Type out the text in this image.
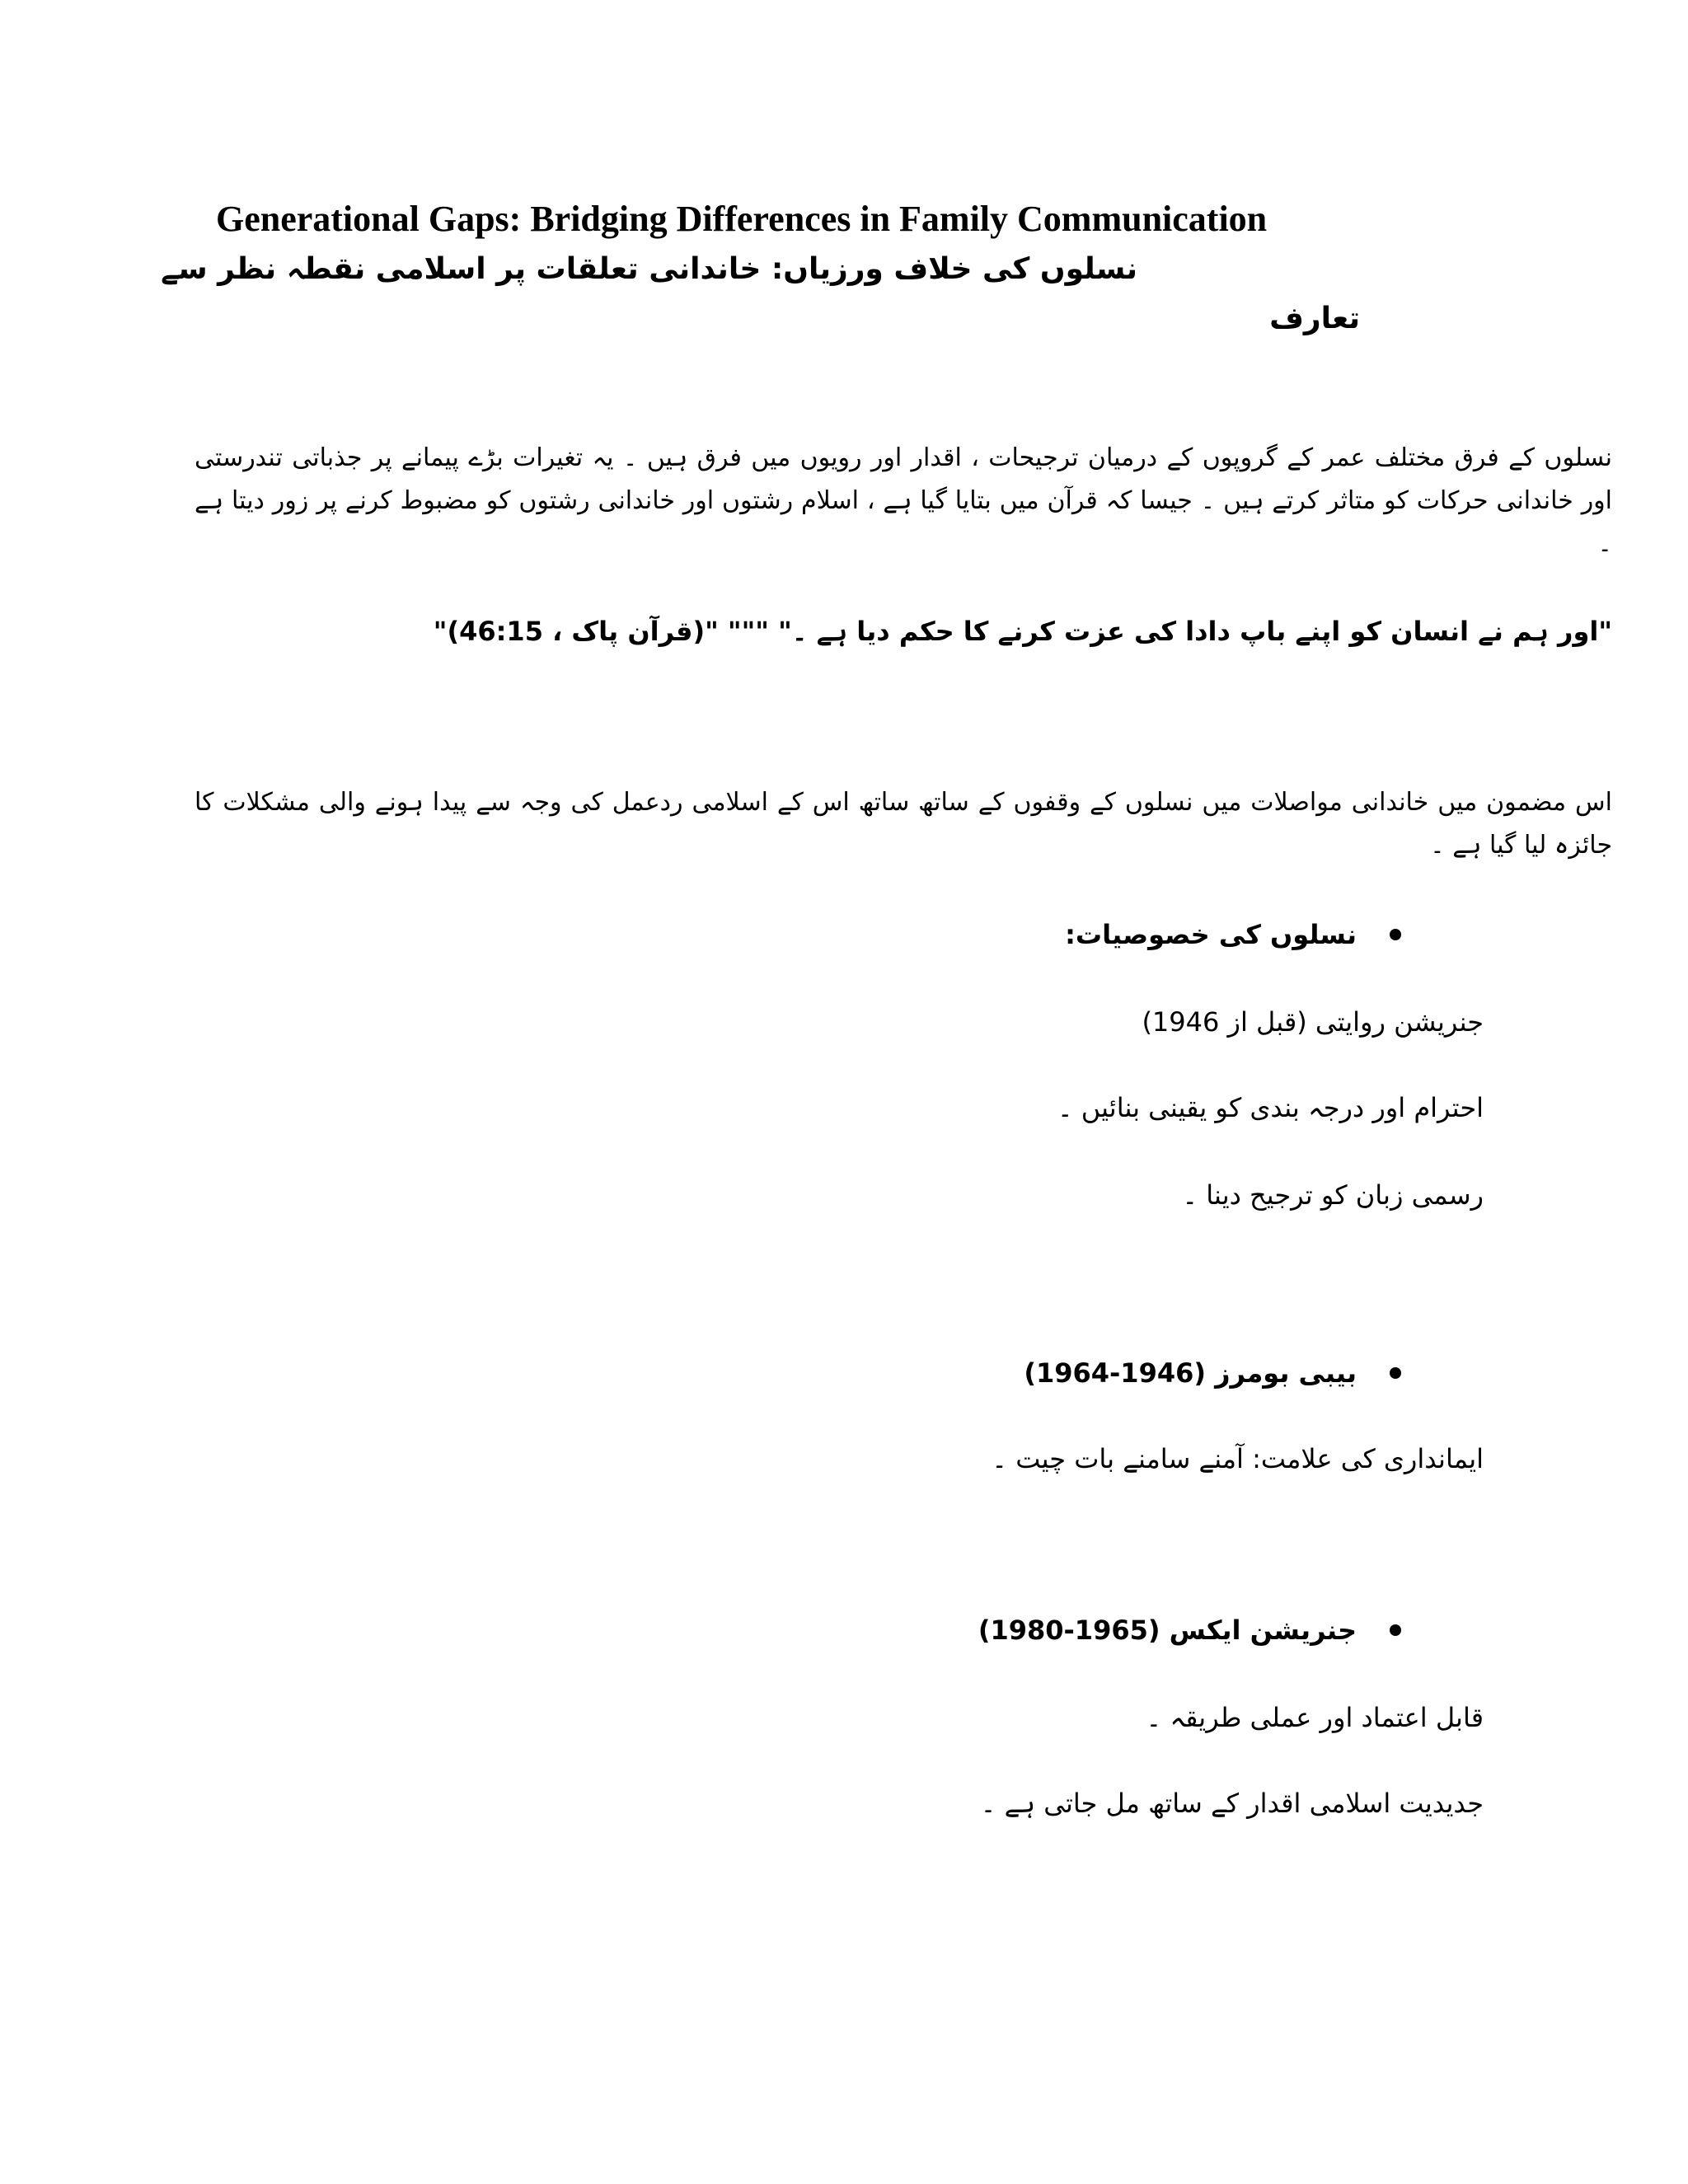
Generational Gaps: Bridging Differences in Family Communication
نسلوں کی خلاف ورزیاں: خاندانی تعلقات پر اسلامی نقطہ نظر سے
تعارف
نسلوں کے فرق مختلف عمر کے گروپوں کے درمیان ترجیحات ، اقدار اور رویوں میں فرق ہیں ۔ یہ تغیرات بڑے پیمانے پر جذباتی تندرستی اور خاندانی حرکات کو متاثر کرتے ہیں ۔ جیسا کہ قرآن میں بتایا گیا ہے ، اسلام رشتوں اور خاندانی رشتوں کو مضبوط کرنے پر زور دیتا ہے ۔
"اور ہم نے انسان کو اپنے باپ دادا کی عزت کرنے کا حکم دیا ہے ۔" """ "(قرآن پاک ، 46:15)"
اس مضمون میں خاندانی مواصلات میں نسلوں کے وقفوں کے ساتھ ساتھ اس کے اسلامی ردعمل کی وجہ سے پیدا ہونے والی مشکلات کا جائزہ لیا گیا ہے ۔
نسلوں کی خصوصیات:
جنریشن روایتی (قبل از 1946)
احترام اور درجہ بندی کو یقینی بنائیں ۔
رسمی زبان کو ترجیح دینا ۔
بیبی بومرز (1946-1964)
ایمانداری کی علامت: آمنے سامنے بات چیت ۔
جنریشن ایکس (1965-1980)
قابل اعتماد اور عملی طریقہ ۔
جدیدیت اسلامی اقدار کے ساتھ مل جاتی ہے ۔
